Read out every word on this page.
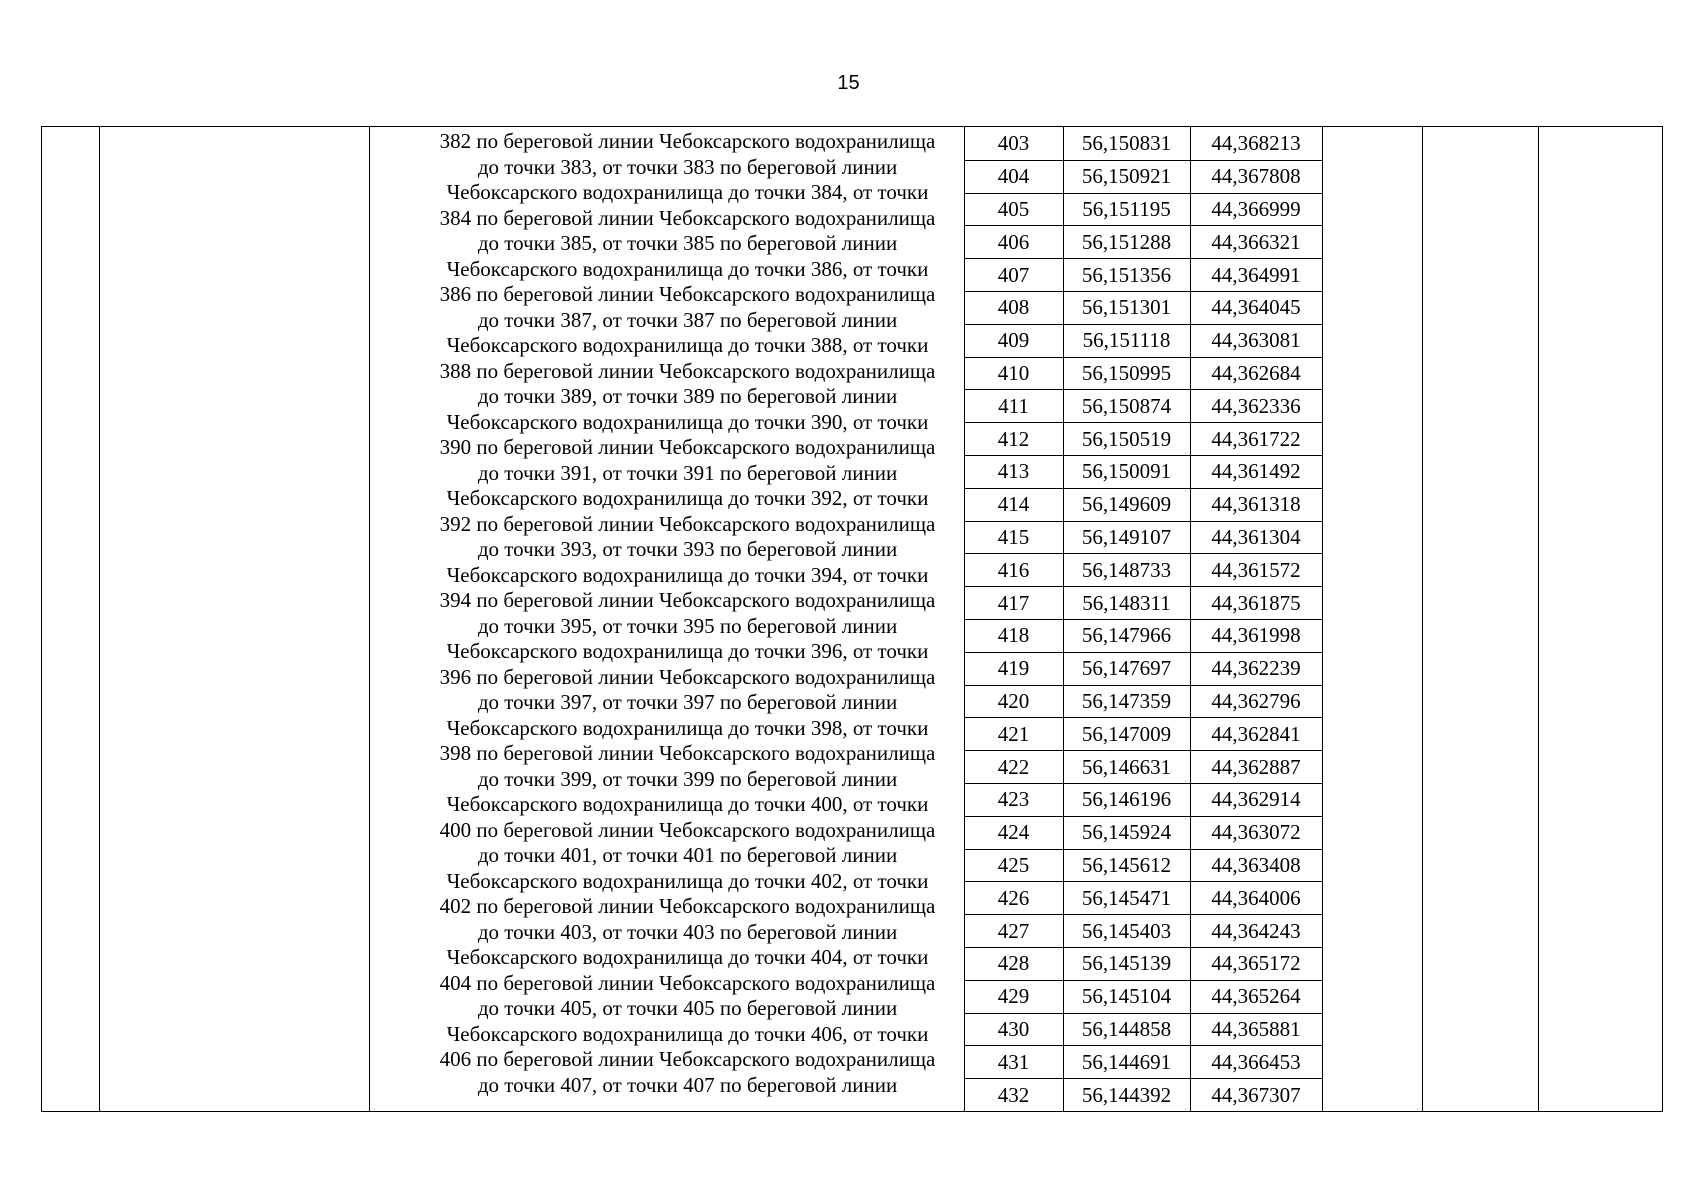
15
382 по береговой линии Чебоксарского водохранилища
до точки 383, от точки 383 по береговой линии
Чебоксарского водохранилища до точки 384, от точки
384 по береговой линии Чебоксарского водохранилища
до точки 385, от точки 385 по береговой линии
Чебоксарского водохранилища до точки 386, от точки
386 по береговой линии Чебоксарского водохранилища
до точки 387, от точки 387 по береговой линии
Чебоксарского водохранилища до точки 388, от точки
388 по береговой линии Чебоксарского водохранилища
до точки 389, от точки 389 по береговой линии
Чебоксарского водохранилища до точки 390, от точки
390 по береговой линии Чебоксарского водохранилища
до точки 391, от точки 391 по береговой линии
Чебоксарского водохранилища до точки 392, от точки
392 по береговой линии Чебоксарского водохранилища
до точки 393, от точки 393 по береговой линии
Чебоксарского водохранилища до точки 394, от точки
394 по береговой линии Чебоксарского водохранилища
до точки 395, от точки 395 по береговой линии
Чебоксарского водохранилища до точки 396, от точки
396 по береговой линии Чебоксарского водохранилища
до точки 397, от точки 397 по береговой линии
Чебоксарского водохранилища до точки 398, от точки
398 по береговой линии Чебоксарского водохранилища
до точки 399, от точки 399 по береговой линии
Чебоксарского водохранилища до точки 400, от точки
400 по береговой линии Чебоксарского водохранилища
до точки 401, от точки 401 по береговой линии
Чебоксарского водохранилища до точки 402, от точки
402 по береговой линии Чебоксарского водохранилища
до точки 403, от точки 403 по береговой линии
Чебоксарского водохранилища до точки 404, от точки
404 по береговой линии Чебоксарского водохранилища
до точки 405, от точки 405 по береговой линии
Чебоксарского водохранилища до точки 406, от точки
406 по береговой линии Чебоксарского водохранилища
до точки 407, от точки 407 по береговой линии
403	56,150831	44,368213
404	56,150921	44,367808
405	56,151195	44,366999
406	56,151288	44,366321
407	56,151356	44,364991
408	56,151301	44,364045
409	56,151118	44,363081
410	56,150995	44,362684
411	56,150874	44,362336
412	56,150519	44,361722
413	56,150091	44,361492
414	56,149609	44,361318
415	56,149107	44,361304
416	56,148733	44,361572
417	56,148311	44,361875
418	56,147966	44,361998
419	56,147697	44,362239
420	56,147359	44,362796
421	56,147009	44,362841
422	56,146631	44,362887
423	56,146196	44,362914
424	56,145924	44,363072
425	56,145612	44,363408
426	56,145471	44,364006
427	56,145403	44,364243
428	56,145139	44,365172
429	56,145104	44,365264
430	56,144858	44,365881
431	56,144691	44,366453
432	56,144392	44,367307
